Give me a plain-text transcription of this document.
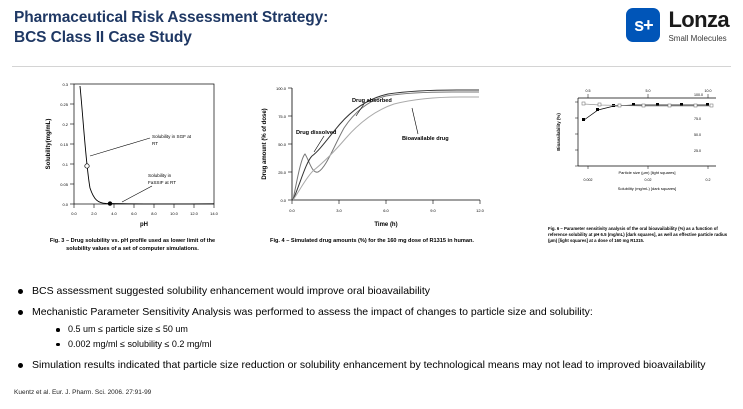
Pharmaceutical Risk Assessment Strategy:
BCS Class II Case Study
s+ Lonza
Small Molecules
0.3
0.25
0.2
0.15
0.1
0.05
0.0
0.0	2.0	4.0	6.0	8.0	10.0	12.0	14.0
Solubility(mg/mL)
pH
Solubility in SGF at
RT
Solubility in
FaSSIF at RT
Fig. 3 – Drug solubility vs. pH profile used as lower limit of the solubility values of a set of computer simulations.
100.0
75.0
50.0
25.0
0.0
0.0	3.0	6.0	9.0	12.0
Drug amount (% of dose)
Time (h)
Drug absorbed
Drug dissolved
Bioavailable drug
Fig. 4 – Simulated drug amounts (%) for the 160 mg dose of R1315 in human.
0.5	5.0	10.0
100.0
75.0
50.0
25.0
Bioavailability (%)
Particle size (µm) [light squares]
0.002	0.02	0.2
Solubility (mg/mL) [dark squares]
Fig. 6 – Parameter sensitivity analysis of the oral bioavailability (%) as a function of reference solubility at pH 6.5 (mg/mL) [dark squares], as well as effective particle radius (µm) [light squares] at a dose of 160 mg R1315.
BCS assessment suggested solubility enhancement would improve oral bioavailability
Mechanistic Parameter Sensitivity Analysis was performed to assess the impact of changes to particle size and solubility:
0.5 um ≤ particle size ≤ 50 um
0.002 mg/ml ≤ solubility ≤ 0.2 mg/ml
Simulation results indicated that particle size reduction or solubility enhancement by technological means may not lead to improved bioavailability
Kuentz et al. Eur. J. Pharm. Sci. 2006. 27:91-99
